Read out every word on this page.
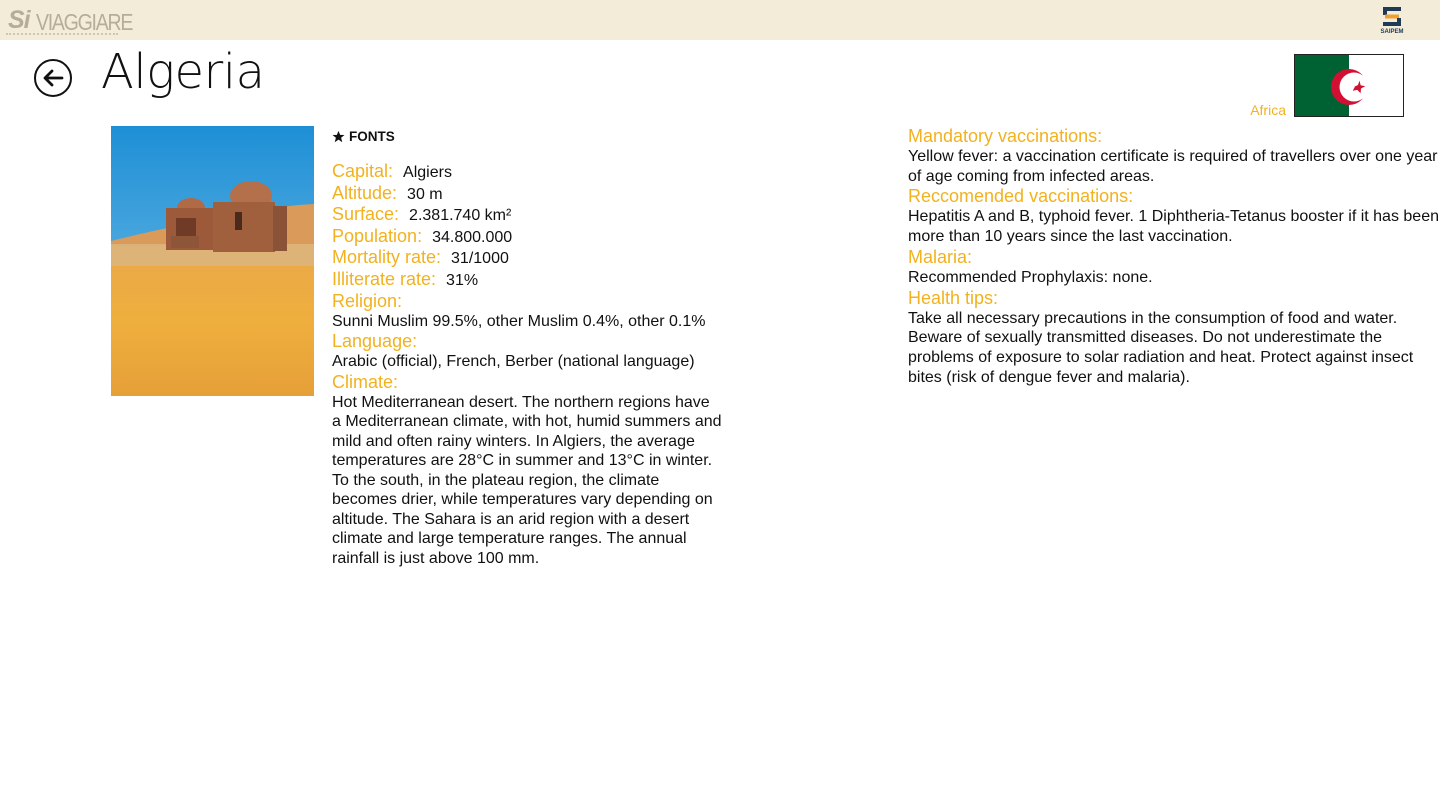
Si VIAGGIARE	SAIPEM
Algeria
Africa
FONTS
Capital: Algiers
Altitude: 30 m
Surface: 2.381.740 km²
Population: 34.800.000
Mortality rate: 31/1000
Illiterate rate: 31%
Religion:
Sunni Muslim 99.5%, other Muslim 0.4%, other 0.1%
Language:
Arabic (official), French, Berber (national language)
Climate:
Hot Mediterranean desert. The northern regions have a Mediterranean climate, with hot, humid summers and mild and often rainy winters. In Algiers, the average temperatures are 28°C in summer and 13°C in winter. To the south, in the plateau region, the climate becomes drier, while temperatures vary depending on altitude. The Sahara is an arid region with a desert climate and large temperature ranges. The annual rainfall is just above 100 mm.
Mandatory vaccinations:
Yellow fever: a vaccination certificate is required of travellers over one year of age coming from infected areas.
Reccomended vaccinations:
Hepatitis A and B, typhoid fever. 1 Diphtheria-Tetanus booster if it has been more than 10 years since the last vaccination.
Malaria:
Recommended Prophylaxis: none.
Health tips:
Take all necessary precautions in the consumption of food and water. Beware of sexually transmitted diseases. Do not underestimate the problems of exposure to solar radiation and heat. Protect against insect bites (risk of dengue fever and malaria).
